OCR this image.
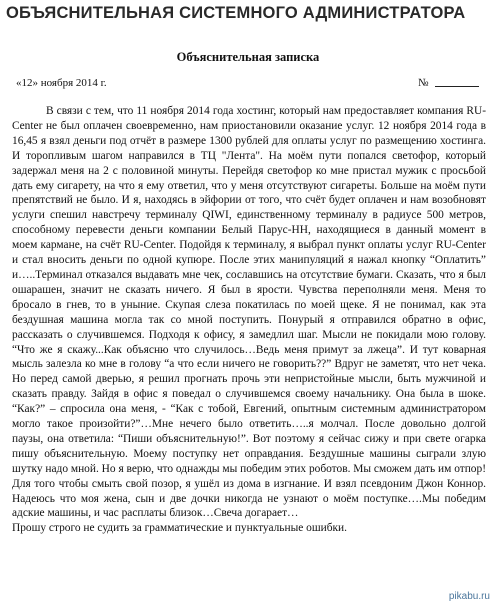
ОБЪЯСНИТЕЛЬНАЯ СИСТЕМНОГО АДМИНИСТРАТОРА
Объяснительная записка
«12» ноября 2014 г.	№

В связи с тем, что 11 ноября 2014 года хостинг, который нам предоставляет компания RU-Center не был оплачен своевременно, нам приостановили оказание услуг. 12 ноября 2014 года в 16,45 я взял деньги под отчёт в размере 1300 рублей для оплаты услуг по размещению хостинга. И торопливым шагом направился в ТЦ "Лента". На моём пути попался светофор, который задержал меня на 2 с половиной минуты. Перейдя светофор ко мне пристал мужик с просьбой дать ему сигарету, на что я ему ответил, что у меня отсутствуют сигареты. Больше на моём пути препятствий не было. И я, находясь в эйфории от того, что счёт будет оплачен и нам возобновят услуги спешил навстречу терминалу QIWI, единственному терминалу в радиусе 500 метров, способному перевести деньги компании Белый Парус-НН, находящиеся в данный момент в моем кармане, на счёт RU-Center. Подойдя к терминалу, я выбрал пункт оплаты услуг RU-Center и стал вносить деньги по одной купюре. После этих манипуляций я нажал кнопку “Оплатить” и…..Терминал отказался выдавать мне чек, сославшись на отсутствие бумаги. Сказать, что я был ошарашен, значит не сказать ничего. Я был в ярости. Чувства переполняли меня. Меня то бросало в гнев, то в уныние. Скупая слеза покатилась по моей щеке. Я не понимал, как эта бездушная машина могла так со мной поступить. Понурый я отправился обратно в офис, рассказать о случившемся. Подходя к офису, я замедлил шаг. Мысли не покидали мою голову. “Что же я скажу...Как объясню что случилось…Ведь меня примут за лжеца”. И тут коварная мысль залезла ко мне в голову “а что если ничего не говорить??” Вдруг не заметят, что нет чека. Но перед самой дверью, я решил прогнать прочь эти непристойные мысли, быть мужчиной и сказать правду. Зайдя в офис я поведал о случившемся своему начальнику. Она была в шоке. “Как?” – спросила она меня, - “Как с тобой, Евгений, опытным системным администратором могло такое произойти?”…Мне нечего было ответить…..я молчал. После довольно долгой паузы, она ответила: “Пиши объяснительную!”. Вот поэтому я сейчас сижу и при свете огарка пишу объяснительную. Моему поступку нет оправдания. Бездушные машины сыграли злую шутку надо мной. Но я верю, что однажды мы победим этих роботов. Мы сможем дать им отпор! Для того чтобы смыть свой позор, я ушёл из дома в изгнание. И взял псевдоним Джон Коннор. Надеюсь что моя жена, сын и две дочки никогда не узнают о моём поступке….Мы победим адские машины, и час расплаты близок…Свеча догарает…

Прошу строго не судить за грамматические и пунктуальные ошибки.

pikabu.ru
